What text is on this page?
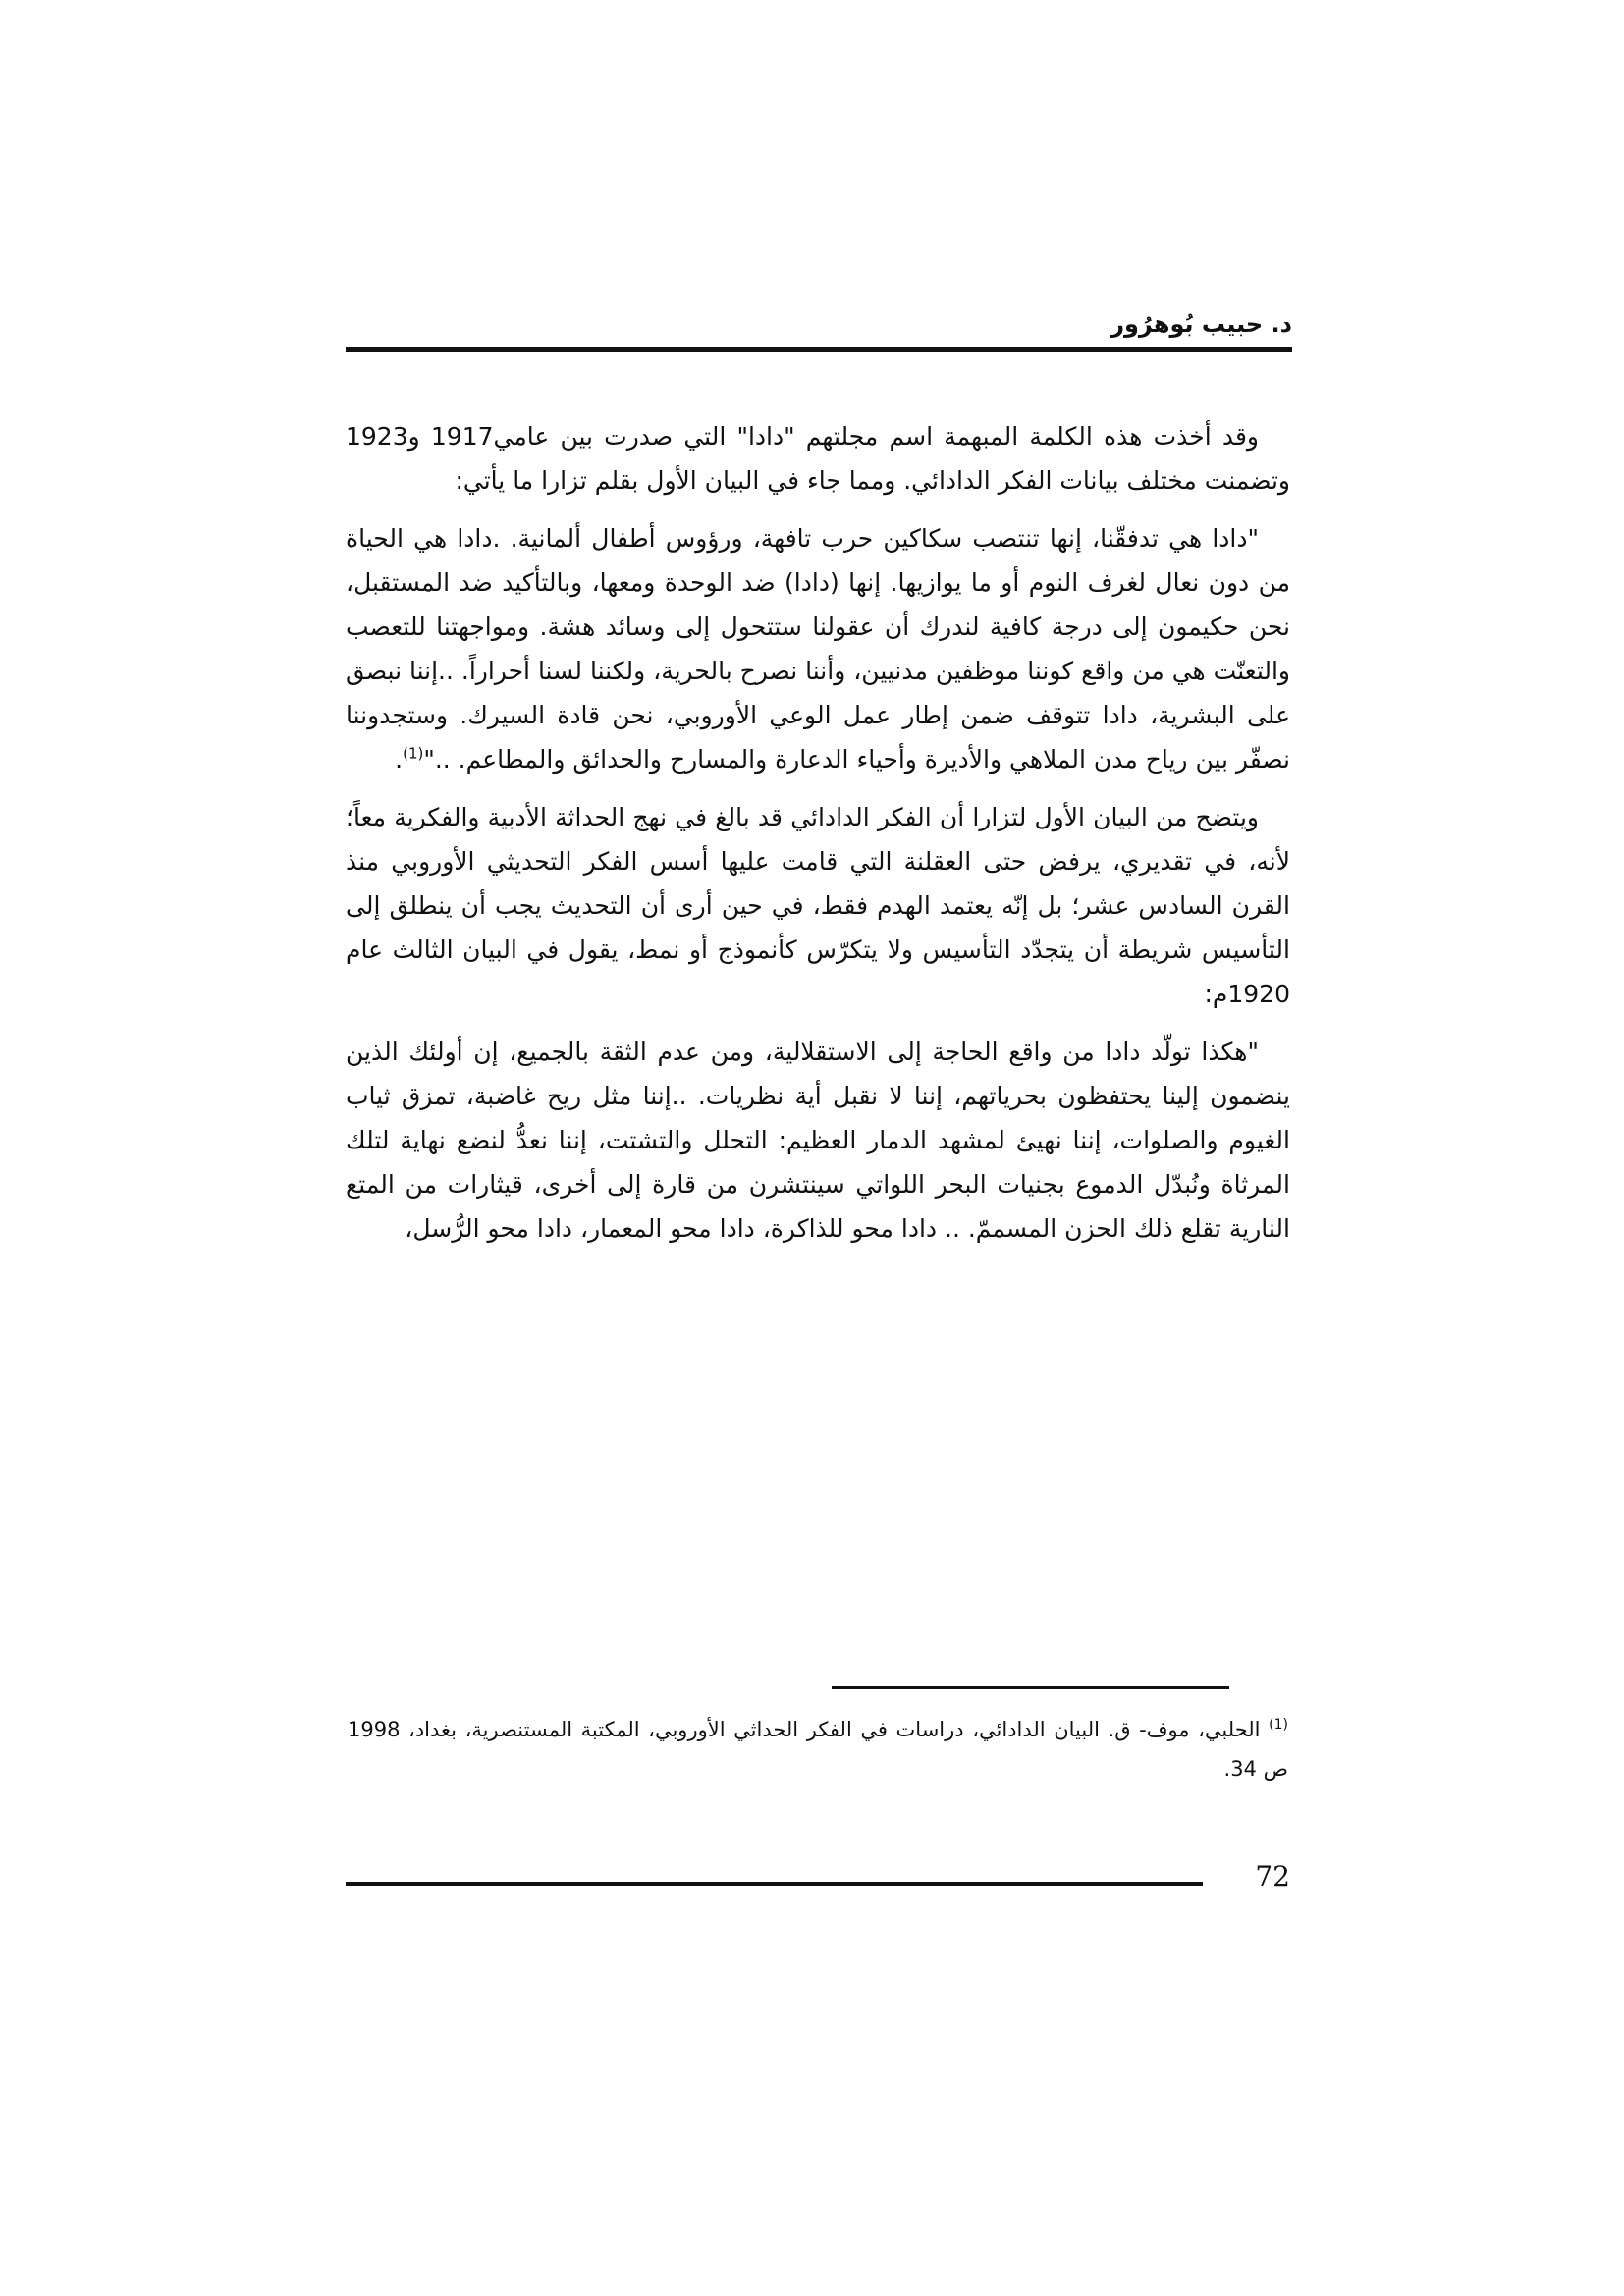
د. حبيب بُوهرُور

وقد أخذت هذه الكلمة المبهمة اسم مجلتهم "دادا" التي صدرت بين عامي1917 و1923 وتضمنت مختلف بيانات الفكر الدادائي. ومما جاء في البيان الأول بقلم تزارا ما يأتي:

"دادا هي تدفقّنا، إنها تنتصب سكاكين حرب تافهة، ورؤوس أطفال ألمانية. .دادا هي الحياة من دون نعال لغرف النوم أو ما يوازيها. إنها (دادا) ضد الوحدة ومعها، وبالتأكيد ضد المستقبل، نحن حكيمون إلى درجة كافية لندرك أن عقولنا ستتحول إلى وسائد هشة. ومواجهتنا للتعصب والتعنّت هي من واقع كوننا موظفين مدنيين، وأننا نصرح بالحرية، ولكننا لسنا أحراراً. ..إننا نبصق على البشرية، دادا تتوقف ضمن إطار عمل الوعي الأوروبي، نحن قادة السيرك. وستجدوننا نصفّر بين رياح مدن الملاهي والأديرة وأحياء الدعارة والمسارح والحدائق والمطاعم. .."$^{(1)}$.

ويتضح من البيان الأول لتزارا أن الفكر الدادائي قد بالغ في نهج الحداثة الأدبية والفكرية معاً؛ لأنه، في تقديري، يرفض حتى العقلنة التي قامت عليها أسس الفكر التحديثي الأوروبي منذ القرن السادس عشر؛ بل إنّه يعتمد الهدم فقط، في حين أرى أن التحديث يجب أن ينطلق إلى التأسيس شريطة أن يتجدّد التأسيس ولا يتكرّس كأنموذج أو نمط، يقول في البيان الثالث عام 1920م:

"هكذا تولّد دادا من واقع الحاجة إلى الاستقلالية، ومن عدم الثقة بالجميع، إن أولئك الذين ينضمون إلينا يحتفظون بحرياتهم، إننا لا نقبل أية نظريات. ..إننا مثل ريح غاضبة، تمزق ثياب الغيوم والصلوات، إننا نهيئ لمشهد الدمار العظيم: التحلل والتشتت، إننا نعدُّ لنضع نهاية لتلك المرثاة ونُبدّل الدموع بجنيات البحر اللواتي سينتشرن من قارة إلى أخرى، قيثارات من المتع النارية تقلع ذلك الحزن المسممّ. .. دادا محو للذاكرة، دادا محو المعمار، دادا محو الرُّسل،

$^{(1)}$ الحلبي، موف- ق. البيان الدادائي، دراسات في الفكر الحداثي الأوروبي، المكتبة المستنصرية، بغداد، 1998 ص 34.
72
